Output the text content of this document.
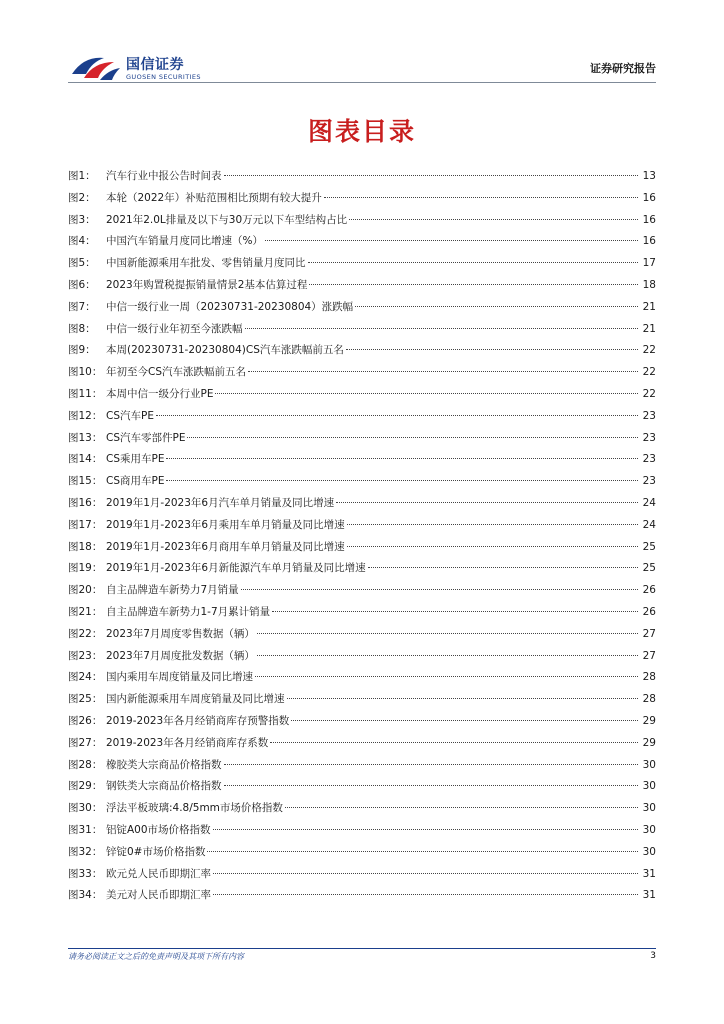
国信证券
GUOSEN SECURITIES
证券研究报告
图表目录
图1： 汽车行业中报公告时间表	13
图2： 本轮（2022年）补贴范围相比预期有较大提升	16
图3： 2021年2.0L排量及以下与30万元以下车型结构占比	16
图4： 中国汽车销量月度同比增速（%）	16
图5： 中国新能源乘用车批发、零售销量月度同比	17
图6： 2023年购置税提振销量情景2基本估算过程	18
图7： 中信一级行业一周（20230731-20230804）涨跌幅	21
图8： 中信一级行业年初至今涨跌幅	21
图9： 本周(20230731-20230804)CS汽车涨跌幅前五名	22
图10： 年初至今CS汽车涨跌幅前五名	22
图11： 本周中信一级分行业PE	22
图12： CS汽车PE	23
图13： CS汽车零部件PE	23
图14： CS乘用车PE	23
图15： CS商用车PE	23
图16： 2019年1月-2023年6月汽车单月销量及同比增速	24
图17： 2019年1月-2023年6月乘用车单月销量及同比增速	24
图18： 2019年1月-2023年6月商用车单月销量及同比增速	25
图19： 2019年1月-2023年6月新能源汽车单月销量及同比增速	25
图20： 自主品牌造车新势力7月销量	26
图21： 自主品牌造车新势力1-7月累计销量	26
图22： 2023年7月周度零售数据（辆）	27
图23： 2023年7月周度批发数据（辆）	27
图24： 国内乘用车周度销量及同比增速	28
图25： 国内新能源乘用车周度销量及同比增速	28
图26： 2019-2023年各月经销商库存预警指数	29
图27： 2019-2023年各月经销商库存系数	29
图28： 橡胶类大宗商品价格指数	30
图29： 钢铁类大宗商品价格指数	30
图30： 浮法平板玻璃:4.8/5mm市场价格指数	30
图31： 铝锭A00市场价格指数	30
图32： 锌锭0#市场价格指数	30
图33： 欧元兑人民币即期汇率	31
图34： 美元对人民币即期汇率	31
请务必阅读正文之后的免责声明及其项下所有内容	3
